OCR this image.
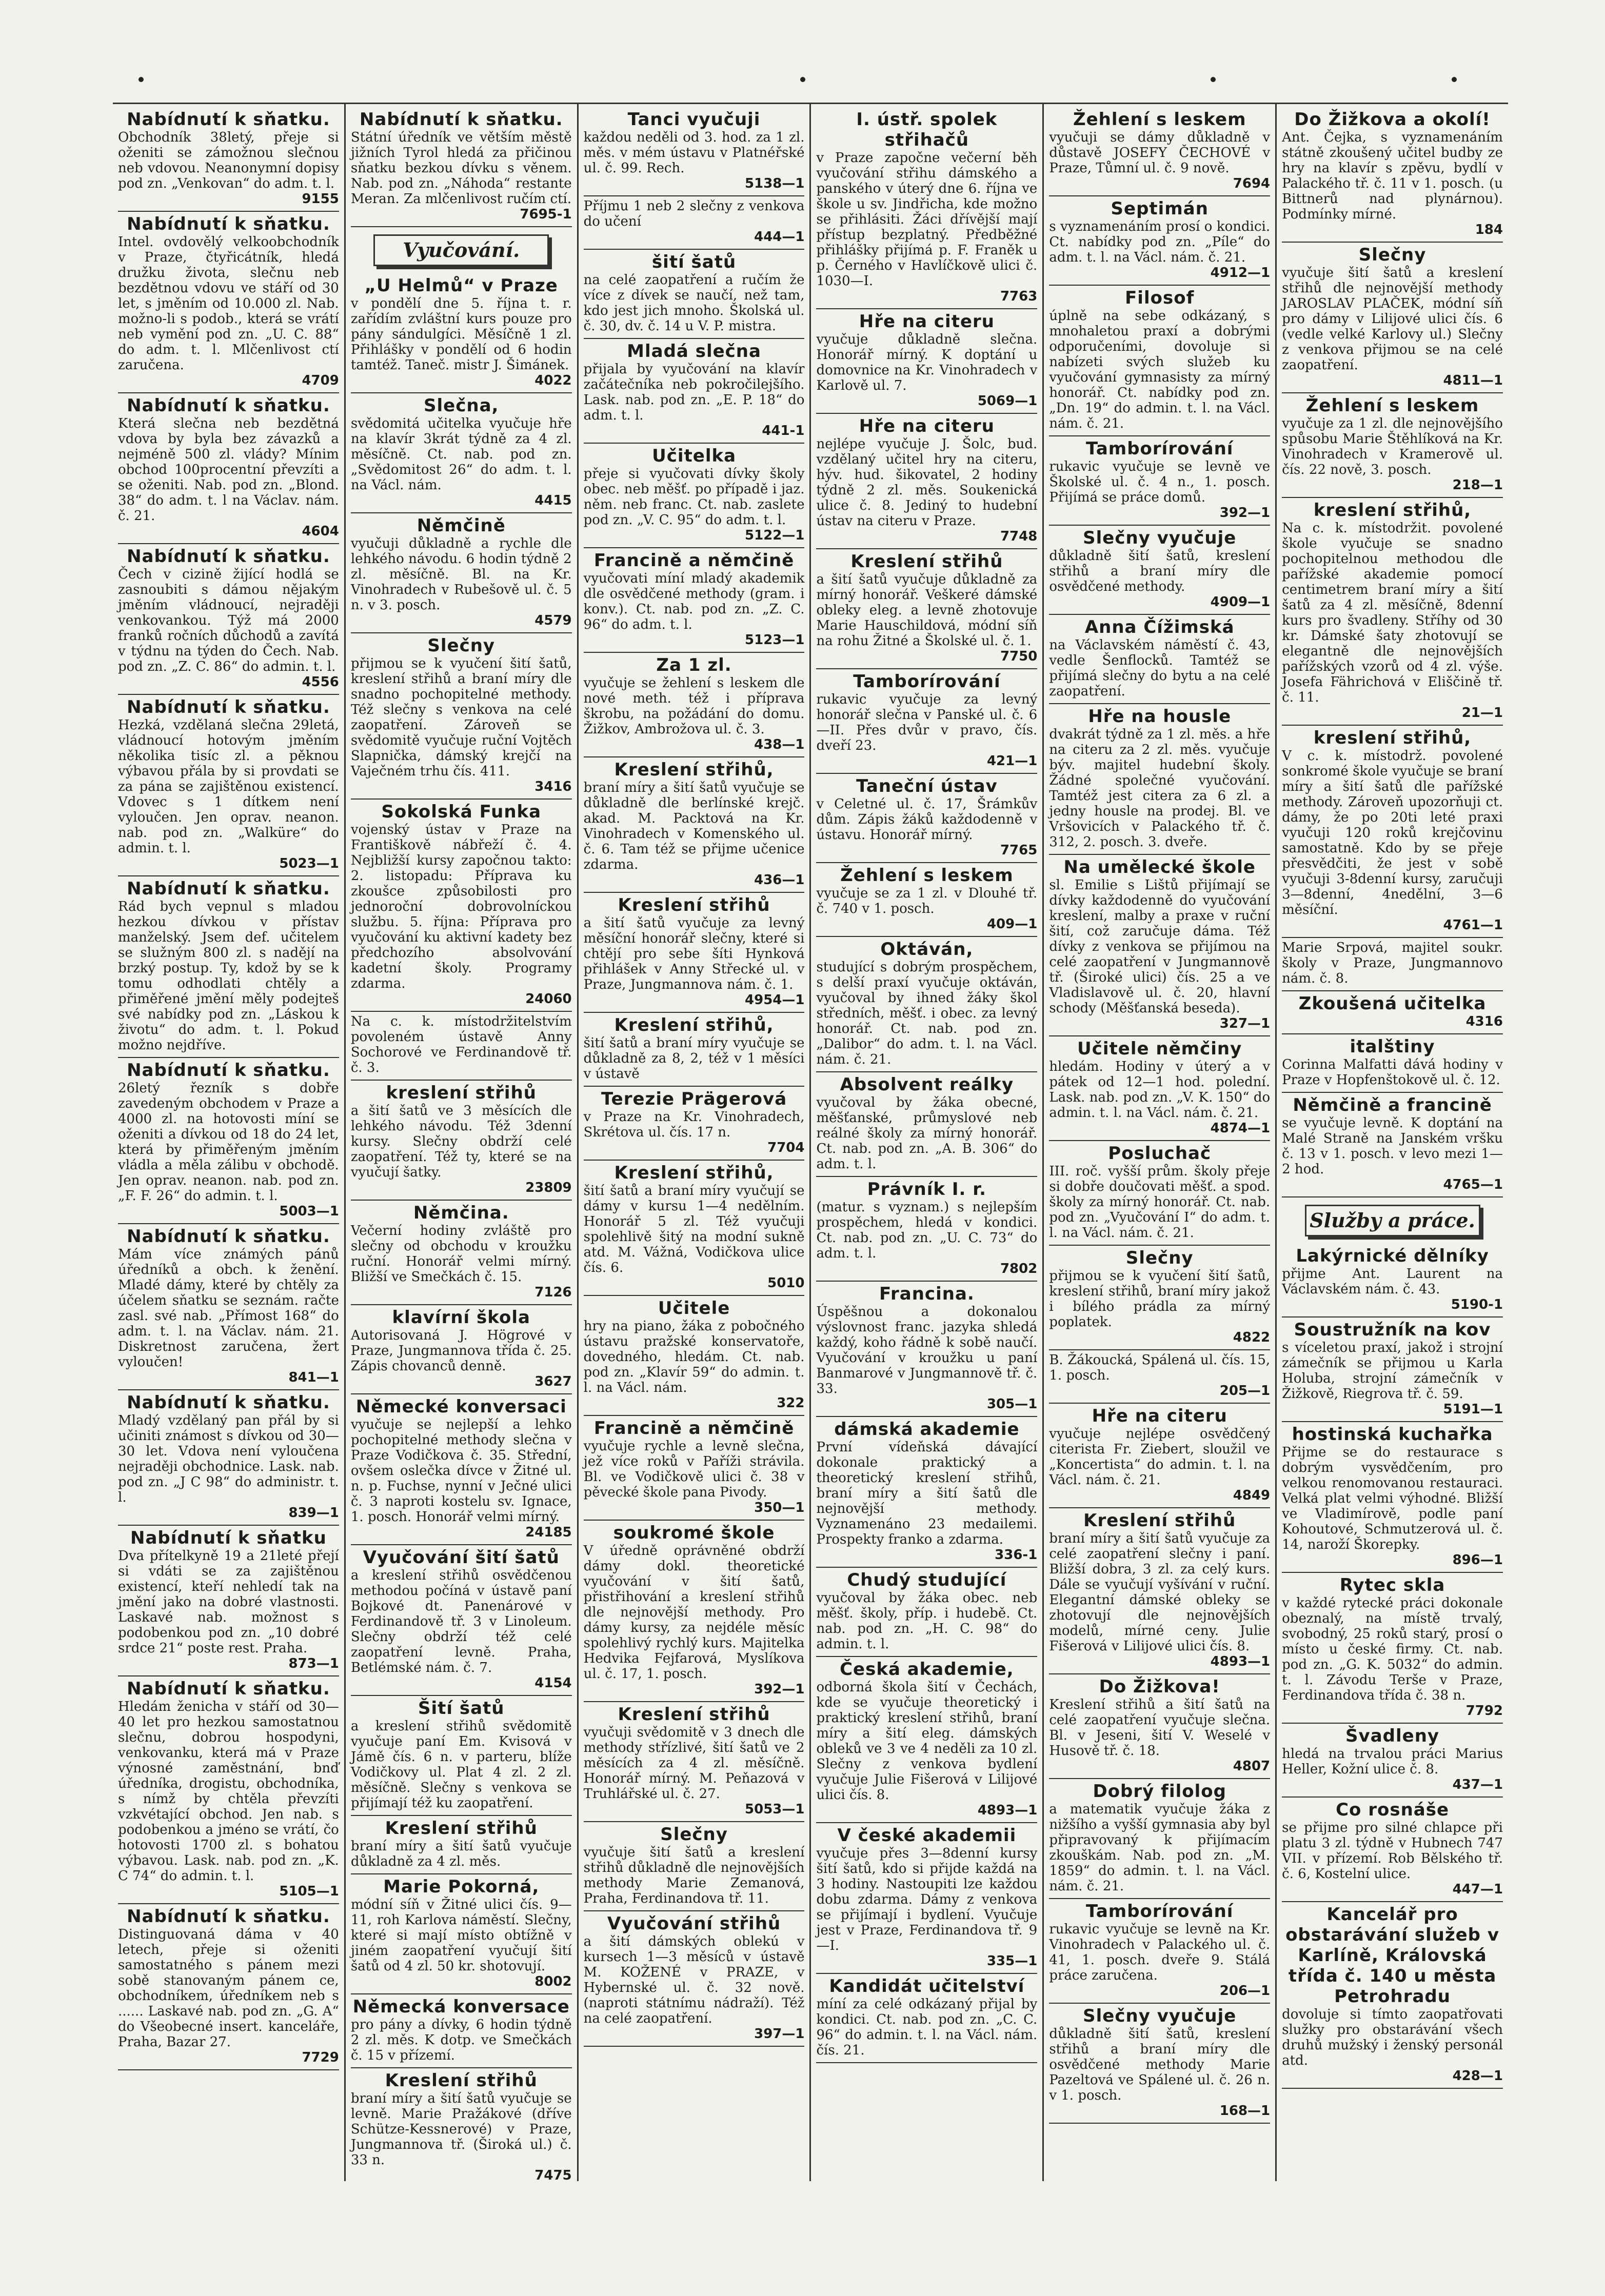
Nabídnutí k sňatku.
Obchodník 38letý, přeje si oženiti se zámožnou slečnou neb vdovou. Neanonymní dopisy pod zn. „Venkovan“ do adm. t. l.
9155
Nabídnutí k sňatku.
Intel. ovdovělý velkoobchodník v Praze, čtyřicátník, hledá družku života, slečnu neb bezdětnou vdovu ve stáří od 30 let, s jměním od 10.000 zl. Nab. možno-li s podob., která se vrátí neb vymění pod zn. „U. C. 88“ do adm. t. l. Mlčenlivost ctí zaručena.
4709
Nabídnutí k sňatku.
Která slečna neb bezdětná vdova by byla bez závazků a nejméně 500 zl. vlády? Mínim obchod 100procentní převzíti a se oženiti. Nab. pod zn. „Blond. 38“ do adm. t. l na Václav. nám. č. 21.
4604
Nabídnutí k sňatku.
Čech v cizině žijící hodlá se zasnoubiti s dámou nějakým jměním vládnoucí, nejraději venkovankou. Týž má 2000 franků ročních důchodů a zavítá v týdnu na týden do Čech. Nab. pod zn. „Z. C. 86“ do admin. t. l.
4556
Nabídnutí k sňatku.
Hezká, vzdělaná slečna 29letá, vládnoucí hotovým jměním několika tisíc zl. a pěknou výbavou přála by si provdati se za pána se zajištěnou existencí. Vdovec s 1 dítkem není vyloučen. Jen oprav. neanon. nab. pod zn. „Walküre“ do admin. t. l.
5023—1
Nabídnutí k sňatku.
Rád bych vepnul s mladou hezkou dívkou v přístav manželský. Jsem def. učitelem se služným 800 zl. s nadějí na brzký postup. Ty, kdož by se k tomu odhodlati chtěly a přiměřené jmění měly podejteš své nabídky pod zn. „Láskou k životu“ do adm. t. l. Pokud možno nejdříve.
Nabídnutí k sňatku.
26letý řezník s dobře zavedeným obchodem v Praze a 4000 zl. na hotovosti míní se oženiti a dívkou od 18 do 24 let, která by přiměřeným jměním vládla a měla zálibu v obchodě. Jen oprav. neanon. nab. pod zn. „F. F. 26“ do admin. t. l.
5003—1
Nabídnutí k sňatku.
Mám více známých pánů úředníků a obch. k ženění. Mladé dámy, které by chtěly za účelem sňatku se seznám. račte zasl. své nab. „Přímost 168“ do adm. t. l. na Václav. nám. 21. Diskretnost zaručena, žert vyloučen!
841—1
Nabídnutí k sňatku.
Mladý vzdělaný pan přál by si učiniti známost s dívkou od 30—30 let. Vdova není vyloučena nejraději obchodnice. Lask. nab. pod zn. „J C 98“ do administr. t. l.
839—1
Nabídnutí k sňatku
Dva přítelkyně 19 a 21leté přejí si vdáti se za zajištěnou existencí, kteří nehledí tak na jmění jako na dobré vlastnosti. Laskavé nab. možnost s podobenkou pod zn. „10 dobré srdce 21“ poste rest. Praha.
873—1
Nabídnutí k sňatku.
Hledám ženicha v stáří od 30—40 let pro hezkou samostatnou slečnu, dobrou hospodyni, venkovanku, která má v Praze výnosné zaměstnání, bnď úředníka, drogistu, obchodníka, s nímž by chtěla převzíti vzkvétající obchod. Jen nab. s podobenkou a jméno se vrátí, čo hotovosti 1700 zl. s bohatou výbavou. Lask. nab. pod zn. „K. C 74“ do admin. t. l.
5105—1
Nabídnutí k sňatku.
Distinguovaná dáma v 40 letech, přeje si oženiti samostatného s pánem mezi sobě stanovaným pánem ce, obchodníkem, úředníkem neb s ...... Laskavé nab. pod zn. „G. A“ do Všeobecné insert. kanceláře, Praha, Bazar 27.
7729
Nabídnutí k sňatku.
Státní úředník ve větším městě jižních Tyrol hledá za přičinou sňatku bezkou dívku s věnem. Nab. pod zn. „Náhoda“ restante Meran. Za mlčenlivost ručím ctí.
7695-1
Vyučování.
„U Helmů“ v Praze
v pondělí dne 5. října t. r. zařídím zvláštní kurs pouze pro pány sándulgíci. Měsíčně 1 zl. Přihlášky v pondělí od 6 hodin tamtéž. Taneč. mistr J. Šimánek.
4022
Slečna,
svědomitá učitelka vyučuje hře na klavír 3krát týdně za 4 zl. měsíčně. Ct. nab. pod zn. „Svědomitost 26“ do adm. t. l. na Václ. nám.
4415
Němčině
vyučuji důkladně a rychle dle lehkého návodu. 6 hodin týdně 2 zl. měsíčně. Bl. na Kr. Vinohradech v Rubešově ul. č. 5 n. v 3. posch.
4579
Slečny
přijmou se k vyučení šití šatů, kreslení střihů a braní míry dle snadno pochopitelné methody. Též slečny s venkova na celé zaopatření. Zároveň se svědomitě vyučuje ruční Vojtěch Slapnička, dámský krejčí na Vaječném trhu čís. 411.
3416
Sokolská Funka
vojenský ústav v Praze na Františkově nábřeží č. 4. Nejbližší kursy započnou takto: 2. listopadu: Příprava ku zkoušce způsobilosti pro jednoroční dobrovolníckou službu. 5. října: Příprava pro vyučování ku aktivní kadety bez předchozího absolvování kadetní školy. Programy zdarma.
24060
Na c. k. místodržitelstvím povoleném ústavě Anny Sochorové ve Ferdinandově tř. č. 3.
kreslení střihů
a šití šatů ve 3 měsících dle lehkého návodu. Též 3denní kursy. Slečny obdrží celé zaopatření. Též ty, které se na vyučují šatky.
23809
Němčina.
Večerní hodiny zvláště pro slečny od obchodu v kroužku ruční. Honorář velmi mírný. Bližší ve Smečkách č. 15.
7126
klavírní škola
Autorisovaná J. Högrové v Praze, Jungmannova třída č. 25. Zápis chovanců denně.
3627
Německé konversaci
vyučuje se nejlepší a lehko pochopitelné methody slečna v Praze Vodičkova č. 35. Střední, ovšem oslečka dívce v Žitné ul. n. p. Fuchse, nynní v Ječné ulici č. 3 naproti kostelu sv. Ignace, 1. posch. Honorář velmi mírný.
24185
Vyučování šití šatů
a kreslení střihů osvědčenou methodou počíná v ústavě paní Bojkové dt. Panenárové v Ferdinandově tř. 3 v Linoleum. Slečny obdrží též celé zaopatření levně. Praha, Betlémské nám. č. 7.
4154
Šití šatů
a kreslení střihů svědomitě vyučuje paní Em. Kvisová v Jámě čís. 6 n. v parteru, blíže Vodičkovy ul. Plat 4 zl. 2 zl. měsíčně. Slečny s venkova se přijímají též ku zaopatření.
Kreslení střihů
braní míry a šití šatů vyučuje důkladně za 4 zl. měs.
Marie Pokorná,
módní síň v Žitné ulici čís. 9—11, roh Karlova náměstí. Slečny, které si mají místo obtížně v jiném zaopatření vyučují šití šatů od 4 zl. 50 kr. shotovují.
8002
Německá konversace
pro pány a dívky, 6 hodin týdně 2 zl. měs. K dotp. ve Smečkách č. 15 v přízemí.
Kreslení střihů
braní míry a šití šatů vyučuje se levně. Marie Pražákové (dříve Schütze-Kessnerové) v Praze, Jungmannova tř. (Široká ul.) č. 33 n.
7475
Tanci vyučuji
každou neděli od 3. hod. za 1 zl. měs. v mém ústavu v Platnéřské ul. č. 99. Rech.
5138—1
Příjmu 1 neb 2 slečny z venkova do učení
444—1
šití šatů
na celé zaopatření a ručím že více z dívek se naučí, než tam, kdo jest jich mnoho. Školská ul. č. 30, dv. č. 14 u V. P. mistra.
Mladá slečna
přijala by vyučování na klavír začátečníka neb pokročilejšího. Lask. nab. pod zn. „E. P. 18“ do adm. t. l.
441-1
Učitelka
přeje si vyučovati dívky školy obec. neb měšť. po případě i jaz. něm. neb franc. Ct. nab. zaslete pod zn. „V. C. 95“ do adm. t. l.
5122—1
Francině a němčině
vyučovati míní mladý akademik dle osvědčené methody (gram. i konv.). Ct. nab. pod zn. „Z. C. 96“ do adm. t. l.
5123—1
Za 1 zl.
vyučuje se žehlení s leskem dle nové meth. též i příprava škrobu, na požádání do domu. Žižkov, Ambrožova ul. č. 3.
438—1
Kreslení střihů,
braní míry a šití šatů vyučuje se důkladně dle berlínské krejč. akad. M. Packtová na Kr. Vinohradech v Komenského ul. č. 6. Tam též se přijme učenice zdarma.
436—1
Kreslení střihů
a šití šatů vyučuje za levný měsíční honorář slečny, které si chtějí pro sebe šíti Hynková přihlášek v Anny Střecké ul. v Praze, Jungmannova nám. č. 1.
4954—1
Kreslení střihů,
šití šatů a braní míry vyučuje se důkladně za 8, 2, též v 1 měsíci v ústavě
Terezie Prägerová
v Praze na Kr. Vinohradech, Skrétova ul. čís. 17 n.
7704
Kreslení střihů,
šití šatů a braní míry vyučují se dámy v kursu 1—4 nedělním. Honorář 5 zl. Též vyučuji spolehlivě šitý na modní sukně atd. M. Vážná, Vodičkova ulice čís. 6.
5010
Učitele
hry na piano, žáka z pobočného ústavu pražské konservatoře, dovedného, hledám. Ct. nab. pod zn. „Klavír 59“ do admin. t. l. na Václ. nám.
322
Francině a němčině
vyučuje rychle a levně slečna, jež více roků v Paříži strávila. Bl. ve Vodičkově ulici č. 38 v pěvecké škole pana Pivody.
350—1
soukromé škole
V úředně oprávněné obdrží dámy dokl. theoretické vyučování v šití šatů, přistřihování a kreslení střihů dle nejnovější methody. Pro dámy kursy, za nejdéle měsíc spolehlivý rychlý kurs. Majitelka Hedvika Fejfarová, Myslíkova ul. č. 17, 1. posch.
392—1
Kreslení střihů
vyučuji svědomitě v 3 dnech dle methody střízlivé, šití šatů ve 2 měsících za 4 zl. měsíčně. Honorář mírný. M. Peňazová v Truhlářské ul. č. 27.
5053—1
Slečny
vyučuje šití šatů a kreslení střihů důkladně dle nejnovějších methody Marie Zemanová, Praha, Ferdinandova tř. 11.
Vyučování střihů
a šití dámských oblekú v kursech 1—3 měsíců v ústavě M. KOŽENÉ v PRAZE, v Hybernské ul. č. 32 nově. (naproti státnímu nádraží). Též na celé zaopatření.
397—1
I. ústř. spolek střihačů
v Praze započne večerní běh vyučování střihu dámského a panského v úterý dne 6. října ve škole u sv. Jindřicha, kde možno se přihlásiti. Žáci dřívější mají přístup bezplatný. Předběžné přihlášky přijímá p. F. Franěk u p. Černého v Havlíčkově ulici č. 1030—I.
7763
Hře na citeru
vyučuje důkladně slečna. Honorář mírný. K doptání u domovnice na Kr. Vinohradech v Karlově ul. 7.
5069—1
Hře na citeru
nejlépe vyučuje J. Šolc, bud. vzdělaný učitel hry na citeru, hýv. hud. šikovatel, 2 hodiny týdně 2 zl. měs. Soukenická ulice č. 8. Jediný to hudební ústav na citeru v Praze.
7748
Kreslení střihů
a šití šatů vyučuje důkladně za mírný honorář. Veškeré dámské obleky eleg. a levně zhotovuje Marie Hauschildová, módní síň na rohu Žitné a Školské ul. č. 1.
7750
Tamborírování
rukavic vyučuje za levný honorář slečna v Panské ul. č. 6—II. Přes dvůr v pravo, čís. dveří 23.
421—1
Taneční ústav
v Celetné ul. č. 17, Šrámkův dům. Zápis žáků každodenně v ústavu. Honorář mírný.
7765
Žehlení s leskem
vyučuje se za 1 zl. v Dlouhé tř. č. 740 v 1. posch.
409—1
Oktáván,
studující s dobrým prospěchem, s delší praxí vyučuje oktáván, vyučoval by ihned žáky škol středních, měšť. i obec. za levný honorář. Ct. nab. pod zn. „Dalibor“ do adm. t. l. na Václ. nám. č. 21.
Absolvent reálky
vyučoval by žáka obecné, měšťanské, průmyslové neb reálné školy za mírný honorář. Ct. nab. pod zn. „A. B. 306“ do adm. t. l.
Právník I. r.
(matur. s vyznam.) s nejlepším prospěchem, hledá v kondici. Ct. nab. pod zn. „U. C. 73“ do adm. t. l.
7802
Francina.
Úspěšnou a dokonalou výslovnost franc. jazyka shledá každý, koho řádně k sobě naučí. Vyučování v kroužku u paní Banmarové v Jungmannově tř. č. 33.
305—1
dámská akademie
První vídeňská dávající dokonale praktický a theoretický kreslení střihů, braní míry a šití šatů dle nejnovější methody. Vyznamenáno 23 medailemi. Prospekty franko a zdarma.
336-1
Chudý studující
vyučoval by žáka obec. neb měšť. školy, příp. i hudebě. Ct. nab. pod zn. „H. C. 98“ do admin. t. l.
Česká akademie,
odborná škola šití v Čechách, kde se vyučuje theoretický i praktický kreslení střihů, braní míry a šití eleg. dámských obleků ve 3 ve 4 neděli za 10 zl. Slečny z venkova bydlení vyučuje Julie Fišerová v Lilijové ulici čís. 8.
4893—1
V české akademii
vyučuje přes 3—8denní kursy šití šatů, kdo si přijde každá na 3 hodiny. Nastoupiti lze každou dobu zdarma. Dámy z venkova se přijímají i bydlení. Vyučuje jest v Praze, Ferdinandova tř. 9—I.
335—1
Kandidát učitelství
míní za celé odkázaný přijal by kondici. Ct. nab. pod zn. „C. C. 96“ do admin. t. l. na Václ. nám. čís. 21.
Žehlení s leskem
vyučuji se dámy důkladně v důstavě JOSEFY ČECHOVÉ v Praze, Tůmní ul. č. 9 nově.
7694
Septimán
s vyznamenáním prosí o kondici. Ct. nabídky pod zn. „Píle“ do adm. t. l. na Václ. nám. č. 21.
4912—1
Filosof
úplně na sebe odkázaný, s mnohaletou praxí a dobrými odporučeními, dovoluje si nabízeti svých služeb ku vyučování gymnasisty za mírný honorář. Ct. nabídky pod zn. „Dn. 19“ do admin. t. l. na Václ. nám. č. 21.
Tamborírování
rukavic vyučuje se levně ve Školské ul. č. 4 n., 1. posch. Přijímá se práce domů.
392—1
Slečny vyučuje
důkladně šití šatů, kreslení střihů a braní míry dle osvědčené methody.
4909—1
Anna Čížimská
na Václavském náměstí č. 43, vedle Šenflocků. Tamtéž se přijímá slečny do bytu a na celé zaopatření.
Hře na housle
dvakrát týdně za 1 zl. měs. a hře na citeru za 2 zl. měs. vyučuje býv. majitel hudební školy. Žádné společné vyučování. Tamtéž jest citera za 6 zl. a jedny housle na prodej. Bl. ve Vršovicích v Palackého tř. č. 312, 2. posch. 3. dveře.
Na umělecké škole
sl. Emilie s Lištů přijímají se dívky každodenně do vyučování kreslení, malby a praxe v ruční šití, což zaručuje dáma. Též dívky z venkova se přijímou na celé zaopatření v Jungmannově tř. (Široké ulici) čís. 25 a ve Vladislavově ul. č. 20, hlavní schody (Měšťanská beseda).
327—1
Učitele němčiny
hledám. Hodiny v úterý a v pátek od 12—1 hod. polední. Lask. nab. pod zn. „V. K. 150“ do admin. t. l. na Václ. nám. č. 21.
4874—1
Posluchač
III. roč. vyšší prům. školy přeje si dobře doučovati měšť. a spod. školy za mírný honorář. Ct. nab. pod zn. „Vyučování I“ do adm. t. l. na Václ. nám. č. 21.
Slečny
přijmou se k vyučení šití šatů, kreslení střihů, braní míry jakož i bílého prádla za mírný poplatek.
4822
B. Žákoucká, Spálená ul. čís. 15, 1. posch.
205—1
Hře na citeru
vyučuje nejlépe osvědčený citerista Fr. Ziebert, sloužil ve „Koncertista“ do admin. t. l. na Václ. nám. č. 21.
4849
Kreslení střihů
braní míry a šití šatů vyučuje za celé zaopatření slečny i paní. Bližší dobra, 3 zl. za celý kurs. Dále se vyučují vyšívání v ruční. Elegantní dámské obleky se zhotovují dle nejnovějších modelů, mírné ceny. Julie Fišerová v Lilijové ulici čís. 8.
4893—1
Do Žižkova!
Kreslení střihů a šití šatů na celé zaopatření vyučuje slečna. Bl. v Jeseni, šití V. Weselé v Husově tř. č. 18.
4807
Dobrý filolog
a matematik vyučuje žáka z nižšího a vyšší gymnasia aby byl připravovaný k přijímacím zkouškám. Nab. pod zn. „M. 1859“ do admin. t. l. na Václ. nám. č. 21.
Tamborírování
rukavic vyučuje se levně na Kr. Vinohradech v Palackého ul. č. 41, 1. posch. dveře 9. Stálá práce zaručena.
206—1
Slečny vyučuje
důkladně šití šatů, kreslení střihů a braní míry dle osvědčené methody Marie Pazeltová ve Spálené ul. č. 26 n. v 1. posch.
168—1
Do Žižkova a okolí!
Ant. Čejka, s vyznamenáním státně zkoušený učitel budby ze hry na klavír s zpěvu, bydlí v Palackého tř. č. 11 v 1. posch. (u Bittnerů nad plynárnou). Podmínky mírné.
184
Slečny
vyučuje šití šatů a kreslení střihů dle nejnovější methody JAROSLAV PLAČEK, módní síň pro dámy v Lilijové ulici čís. 6 (vedle velké Karlovy ul.) Slečny z venkova přijmou se na celé zaopatření.
4811—1
Žehlení s leskem
vyučuje za 1 zl. dle nejnovějšího spůsobu Marie Štěhlíková na Kr. Vinohradech v Kramerově ul. čís. 22 nově, 3. posch.
218—1
kreslení střihů,
Na c. k. místodržit. povolené škole vyučuje se snadno pochopitelnou methodou dle pařížské akademie pomocí centimetrem braní míry a šití šatů za 4 zl. měsíčně, 8denní kurs pro švadleny. Stříhy od 30 kr. Dámské šaty zhotovují se elegantně dle nejnovějších pařížských vzorů od 4 zl. výše. Josefa Fährichová v Eliščině tř. č. 11.
21—1
kreslení střihů,
V c. k. místodrž. povolené sonkromé škole vyučuje se braní míry a šití šatů dle pařížské methody. Zároveň upozorňuji ct. dámy, že po 20ti leté praxi vyučuji 120 roků krejčovinu samostatně. Kdo by se přeje přesvědčiti, že jest v sobě vyučuji 3-8denní kursy, zaručuji 3—8denní, 4nedělní, 3—6 měsíční.
4761—1
Marie Srpová, majitel soukr. školy v Praze, Jungmannovo nám. č. 8.
Zkoušená učitelka
4316
italštiny
Corinna Malfatti dává hodiny v Praze v Hopfenštokově ul. č. 12.
Němčině a francině
se vyučuje levně. K doptání na Malé Straně na Janském vršku č. 13 v 1. posch. v levo mezi 1—2 hod.
4765—1
Služby a práce.
Lakýrnické dělníky
přijme Ant. Laurent na Václavském nám. č. 43.
5190-1
Soustružník na kov
s víceletou praxí, jakož i strojní zámečník se přijmou u Karla Holuba, strojní zámečník v Žižkově, Riegrova tř. č. 59.
5191—1
hostinská kuchařka
Přijme se do restaurace s dobrým vysvědčením, pro velkou renomovanou restauraci. Velká plat velmi výhodné. Bližší ve Vladimírově, podle paní Kohoutové, Schmutzerová ul. č. 14, naroží Škorepky.
896—1
Rytec skla
v každé rytecké práci dokonale obeznalý, na místě trvalý, svobodný, 25 roků starý, prosí o místo u české firmy. Ct. nab. pod zn. „G. K. 5032“ do admin. t. l. Závodu Terše v Praze, Ferdinandova třída č. 38 n.
7792
Švadleny
hledá na trvalou práci Marius Heller, Kožní ulice č. 8.
437—1
Co rosnáše
se přijme pro silné chlapce při platu 3 zl. týdně v Hubnech 747 VII. v přízemí. Rob Bělského tř. č. 6, Kostelní ulice.
447—1
Kancelář pro obstarávání služeb v Karlíně, Královská třída č. 140 u města Petrohradu
dovoluje si tímto zaopatřovati služky pro obstarávání všech druhů mužský i ženský personál atd.
428—1
